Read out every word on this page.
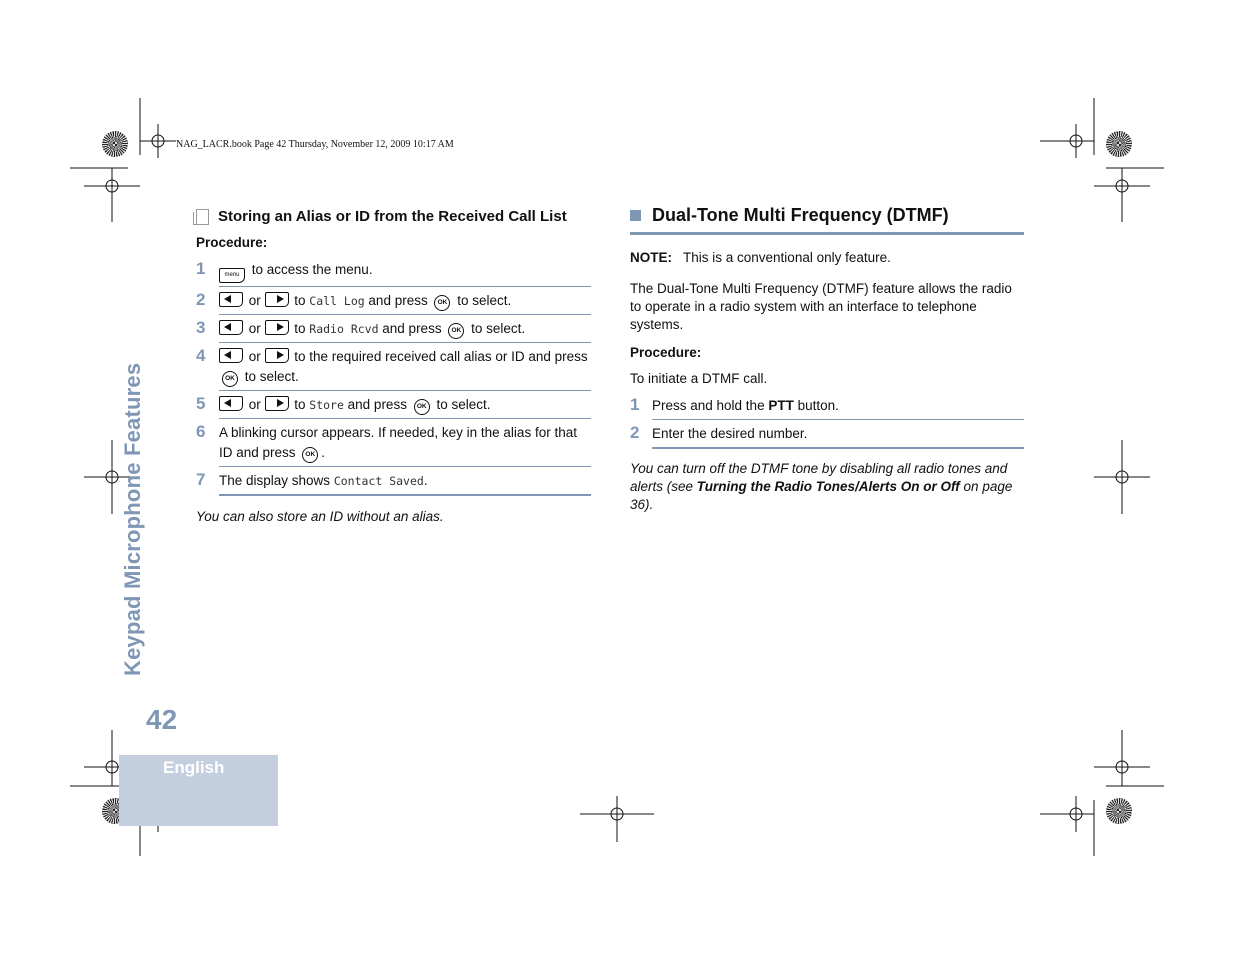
NAG_LACR.book Page 42 Thursday, November 12, 2009 10:17 AM
Keypad Microphone Features
42
English
Storing an Alias or ID from the Received Call List
Procedure:
1	menu to access the menu.
2	or  to Call Log and press OK to select.
3	or  to Radio Rcvd and press OK to select.
4	or  to the required received call alias or ID and press OK to select.
5	or  to Store and press OK to select.
6	A blinking cursor appears. If needed, key in the alias for that ID and press OK .
7	The display shows Contact Saved.
You can also store an ID without an alias.
Dual-Tone Multi Frequency (DTMF)
NOTE: This is a conventional only feature.
The Dual-Tone Multi Frequency (DTMF) feature allows the radio to operate in a radio system with an interface to telephone systems.
Procedure:
To initiate a DTMF call.
1 Press and hold the PTT button.
2 Enter the desired number.
You can turn off the DTMF tone by disabling all radio tones and alerts (see Turning the Radio Tones/Alerts On or Off on page 36).
